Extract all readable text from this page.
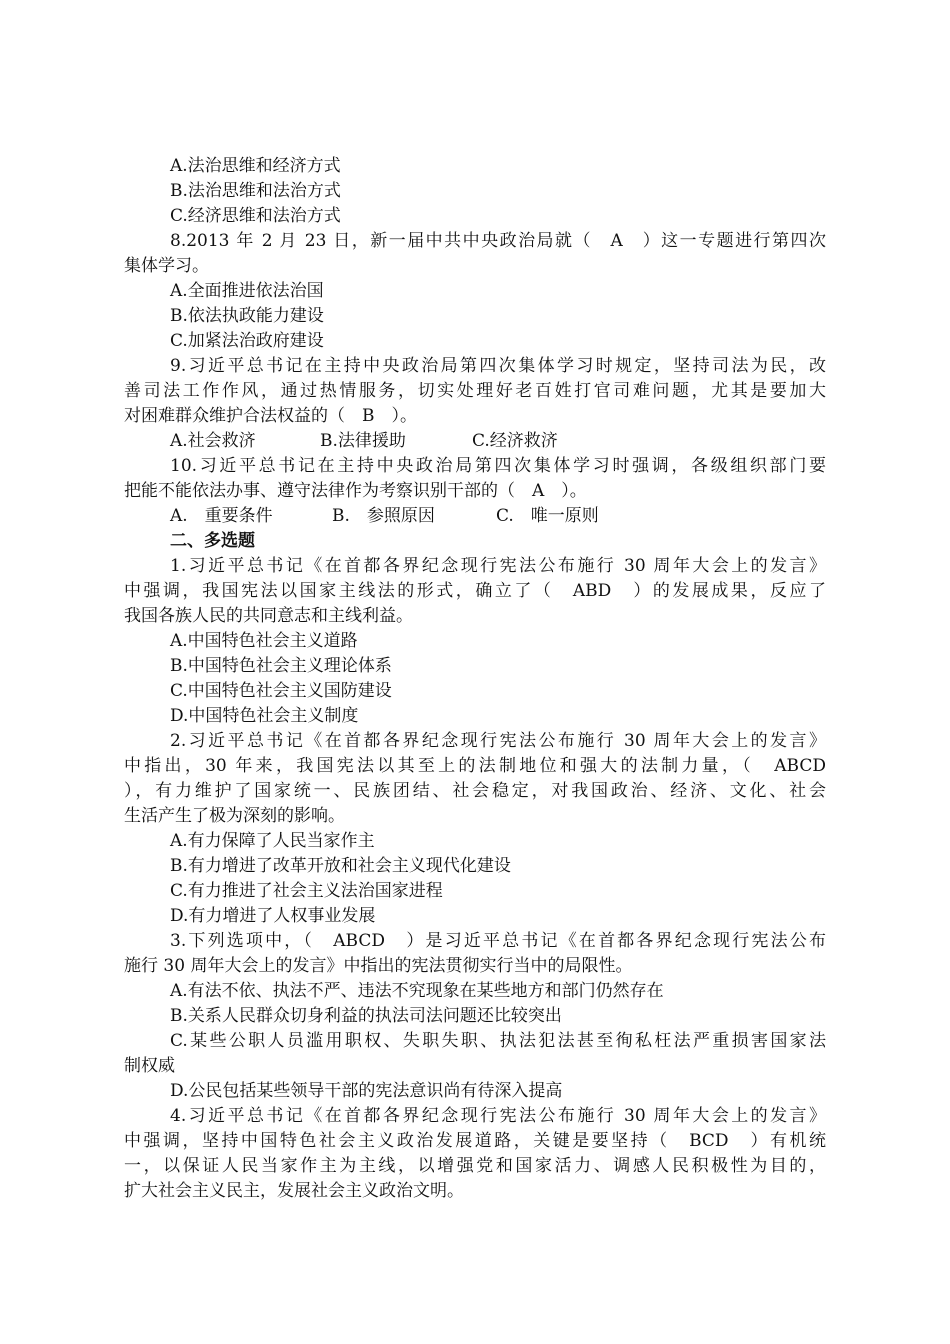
A.法治思维和经济方式
B.法治思维和法治方式
C.经济思维和法治方式
8.2013 年 2 月 23 日，新一届中共中央政治局就（　A　）这一专题进行第四次
集体学习。
A.全面推进依法治国
B.依法执政能力建设
C.加紧法治政府建设
9.习近平总书记在主持中央政治局第四次集体学习时规定，坚持司法为民，改
善司法工作作风，通过热情服务，切实处理好老百姓打官司难问题，尤其是要加大
对困难群众维护合法权益的（　B　）。
A.社会救济	B.法律援助	C.经济救济
10.习近平总书记在主持中央政治局第四次集体学习时强调，各级组织部门要
把能不能依法办事、遵守法律作为考察识别干部的（　A　）。
A.　重要条件	B.　参照原因	C.　唯一原则
二、多选题
1.习近平总书记《在首都各界纪念现行宪法公布施行 30 周年大会上的发言》
中强调，我国宪法以国家主线法的形式，确立了（　ABD　）的发展成果，反应了
我国各族人民的共同意志和主线利益。
A.中国特色社会主义道路
B.中国特色社会主义理论体系
C.中国特色社会主义国防建设
D.中国特色社会主义制度
2.习近平总书记《在首都各界纪念现行宪法公布施行 30 周年大会上的发言》
中指出，30 年来，我国宪法以其至上的法制地位和强大的法制力量，（　ABCD
），有力维护了国家统一、民族团结、社会稳定，对我国政治、经济、文化、社会
生活产生了极为深刻的影响。
A.有力保障了人民当家作主
B.有力增进了改革开放和社会主义现代化建设
C.有力推进了社会主义法治国家进程
D.有力增进了人权事业发展
3.下列选项中，（　ABCD　）是习近平总书记《在首都各界纪念现行宪法公布
施行 30 周年大会上的发言》中指出的宪法贯彻实行当中的局限性。
A.有法不依、执法不严、违法不究现象在某些地方和部门仍然存在
B.关系人民群众切身利益的执法司法问题还比较突出
C.某些公职人员滥用职权、失职失职、执法犯法甚至徇私枉法严重损害国家法
制权威
D.公民包括某些领导干部的宪法意识尚有待深入提高
4.习近平总书记《在首都各界纪念现行宪法公布施行 30 周年大会上的发言》
中强调，坚持中国特色社会主义政治发展道路，关键是要坚持（　BCD　）有机统
一，以保证人民当家作主为主线，以增强党和国家活力、调感人民积极性为目的，
扩大社会主义民主，发展社会主义政治文明。
